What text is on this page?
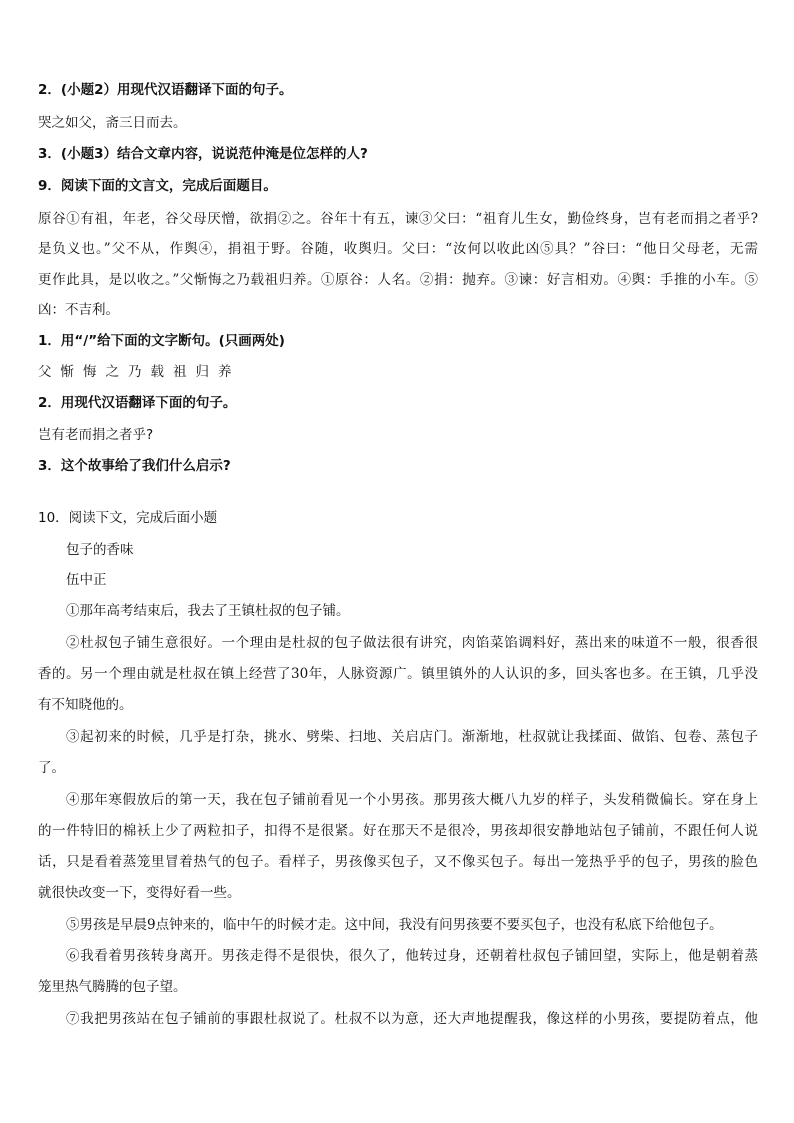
2．(小题2）用现代汉语翻译下面的句子。
哭之如父，斋三日而去。
3．(小题3）结合文章内容，说说范仲淹是位怎样的人?
9．阅读下面的文言文，完成后面题目。
原谷①有祖，年老，谷父母厌憎，欲捐②之。谷年十有五，谏③父曰：“祖育儿生女，勤俭终身，岂有老而捐之者乎?
是负义也。”父不从，作舆④，捐祖于野。谷随，收舆归。父曰：“汝何以收此凶⑤具？”谷曰：“他日父母老，无需
更作此具，是以收之。”父惭悔之乃载祖归养。①原谷：人名。②捐：抛弃。③谏：好言相劝。④舆：手推的小车。⑤
凶：不吉利。
1．用“/”给下面的文字断句。(只画两处)
父惭悔之乃载祖归养
2．用现代汉语翻译下面的句子。
岂有老而捐之者乎?
3．这个故事给了我们什么启示?
10．阅读下文，完成后面小题
包子的香味
伍中正
①那年高考结束后，我去了王镇杜叔的包子铺。
②杜叔包子铺生意很好。一个理由是杜叔的包子做法很有讲究，肉馅菜馅调料好，蒸出来的味道不一般，很香很
香的。另一个理由就是杜叔在镇上经营了30年，人脉资源广。镇里镇外的人认识的多，回头客也多。在王镇，几乎没
有不知晓他的。
③起初来的时候，几乎是打杂，挑水、劈柴、扫地、关启店门。渐渐地，杜叔就让我揉面、做馅、包卷、蒸包子
了。
④那年寒假放后的第一天，我在包子铺前看见一个小男孩。那男孩大概八九岁的样子，头发稍微偏长。穿在身上
的一件特旧的棉袄上少了两粒扣子，扣得不是很紧。好在那天不是很冷，男孩却很安静地站包子铺前，不跟任何人说
话，只是看着蒸笼里冒着热气的包子。看样子，男孩像买包子，又不像买包子。每出一笼热乎乎的包子，男孩的脸色
就很快改变一下，变得好看一些。
⑤男孩是早晨9点钟来的，临中午的时候才走。这中间，我没有问男孩要不要买包子，也没有私底下给他包子。
⑥我看着男孩转身离开。男孩走得不是很快，很久了，他转过身，还朝着杜叔包子铺回望，实际上，他是朝着蒸
笼里热气腾腾的包子望。
⑦我把男孩站在包子铺前的事跟杜叔说了。杜叔不以为意，还大声地提醒我，像这样的小男孩，要提防着点，他
